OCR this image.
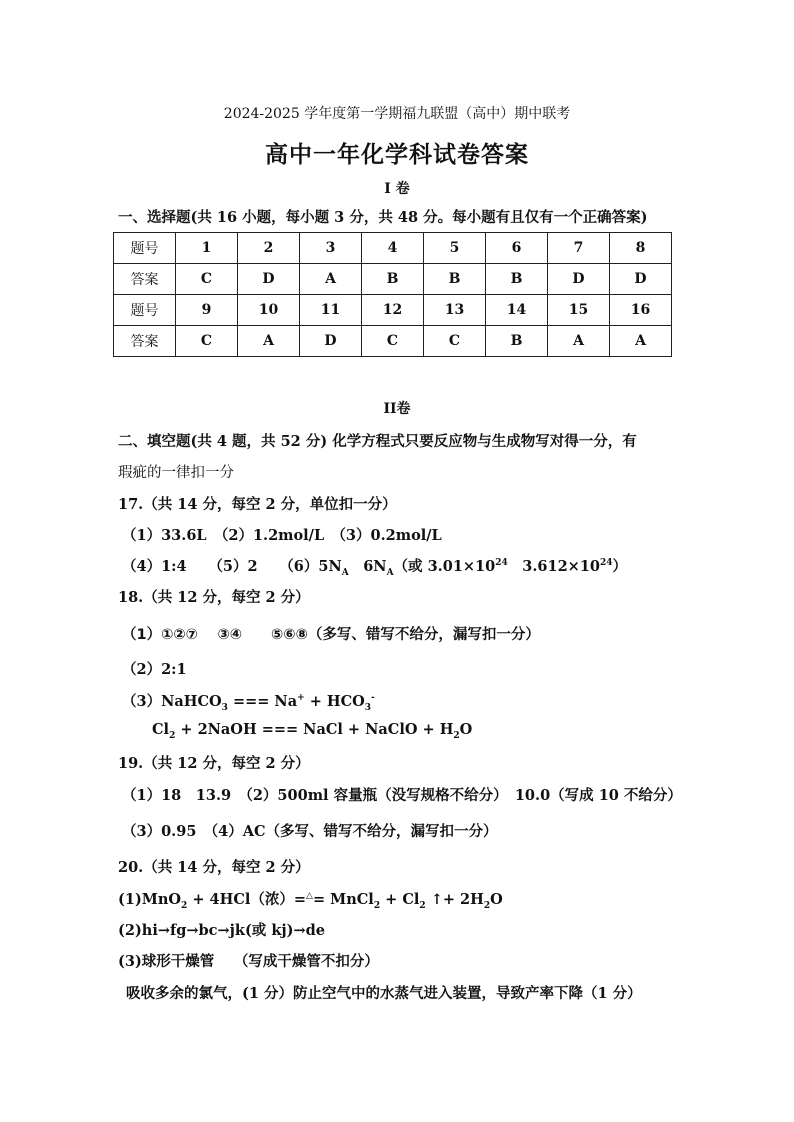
2024-2025 学年度第一学期福九联盟（高中）期中联考
高中一年化学科试卷答案
I 卷
一、选择题(共 16 小题，每小题 3 分，共 48 分。每小题有且仅有一个正确答案)
题号	1	2	3	4	5	6	7	8
答案	C	D	A	B	B	B	D	D
题号	9	10	11	12	13	14	15	16
答案	C	A	D	C	C	B	A	A
II卷
二、填空题(共 4 题，共 52 分) 化学方程式只要反应物与生成物写对得一分，有
瑕疵的一律扣一分
17.（共 14 分，每空 2 分，单位扣一分）
（1）33.6L　（2）1.2mol/L　（3）0.2mol/L
（4）1:4　　（5）2　　$(6)5N_A$　$6N_A$（或 $3.01\times 10^{24}$　$3.612\times 10^{24}$）
18.（共 12 分，每空 2 分）
（1）①②⑦　 ③④　　⑤⑥⑧（多写、错写不给分，漏写扣一分）
（2）2:1
（3）NaHCO$_3$ === $Na^+ + HCO_3^-$
$Cl_2$ + 2NaOH === NaCl + NaClO + $H_2O$
19.（共 12 分，每空 2 分）
（1）18　13.9　（2）500ml 容量瓶（没写规格不给分）　10.0（写成 10 不给分）
（3）0.95　（4）AC（多写、错写不给分，漏写扣一分）
20.（共 14 分，每空 2 分）
(1)MnO$_2$ + 4HCl（浓）=△= MnCl$_2$ + $Cl_2$ ↑+ $2H_2O$
(2)hi→fg→bc→jk(或 kj)→de
(3)球形干燥管　 （写成干燥管不扣分）
吸收多余的氯气，(1 分）防止空气中的水蒸气进入装置，导致产率下降（1 分）
